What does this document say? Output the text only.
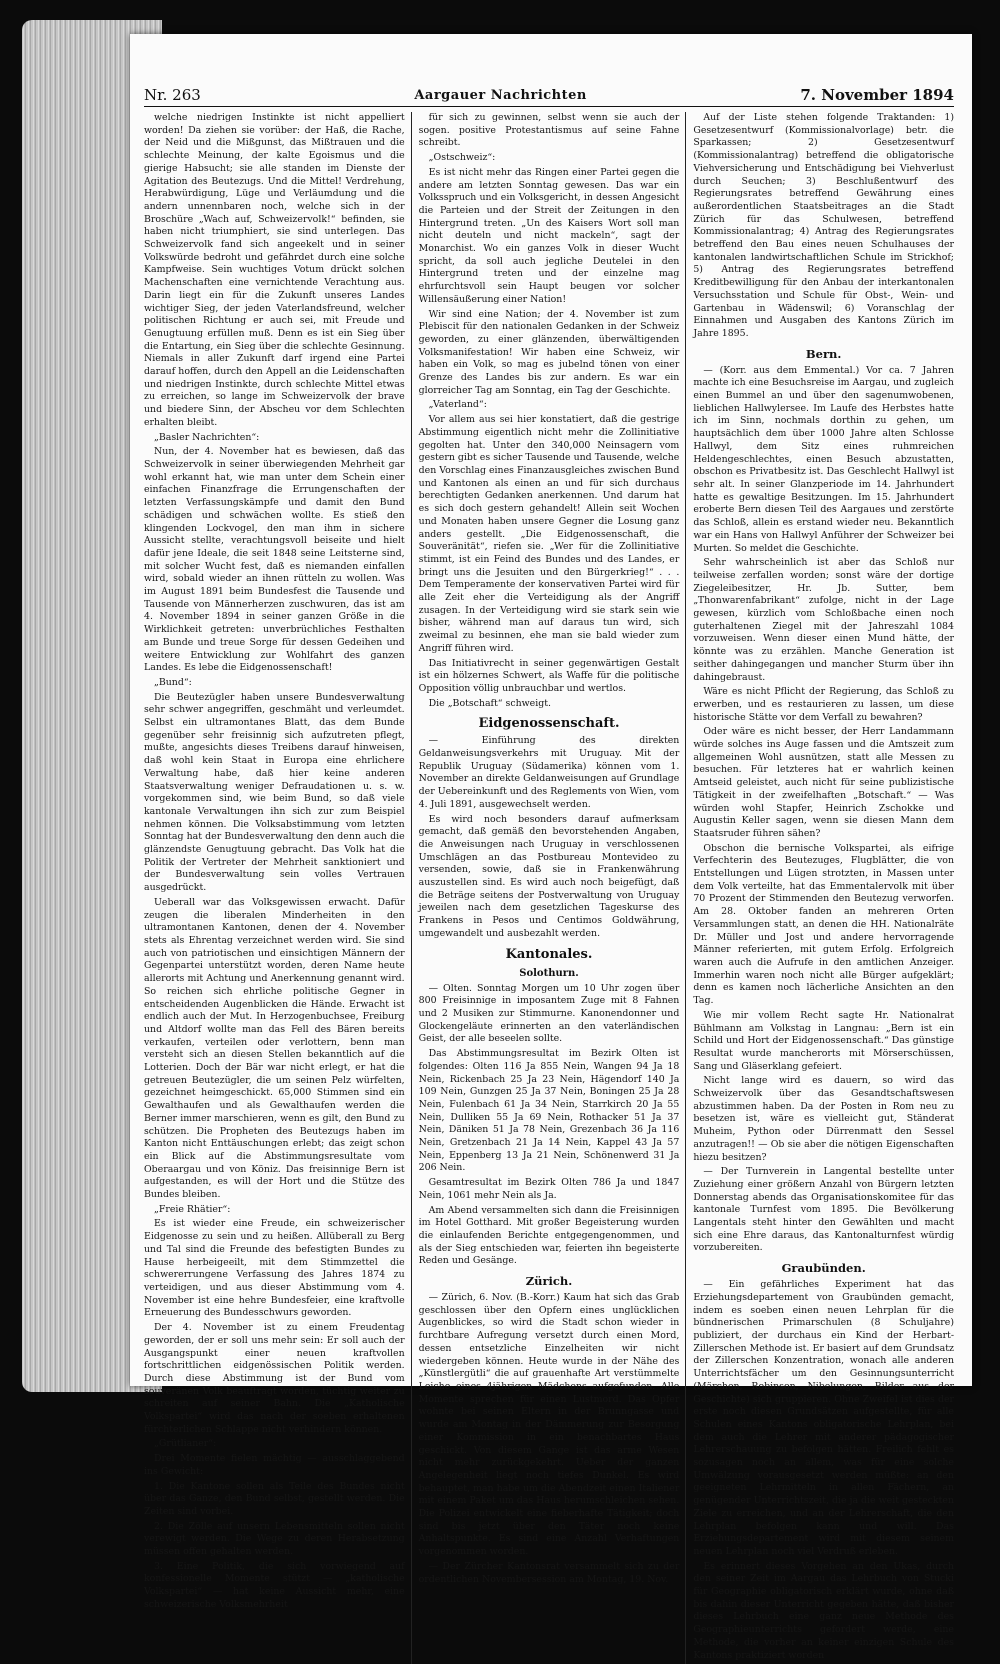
Nr. 263	Aargauer Nachrichten	7. November 1894

welche niedrigen Instinkte ist nicht appelliert worden! Da ziehen sie vorüber: der Haß, die Rache, der Neid und die Mißgunst, das Mißtrauen und die schlechte Meinung, der kalte Egoismus und die gierige Habsucht; sie alle standen im Dienste der Agitation des Beutezugs. Und die Mittel! Verdrehung, Herabwürdigung, Lüge und Verläumdung und die andern unnennbaren noch, welche sich in der Broschüre „Wach auf, Schweizervolk!“ befinden, sie haben nicht triumphiert, sie sind unterlegen. Das Schweizervolk fand sich angeekelt und in seiner Volkswürde bedroht und gefährdet durch eine solche Kampfweise. Sein wuchtiges Votum drückt solchen Machenschaften eine vernichtende Verachtung aus. Darin liegt ein für die Zukunft unseres Landes wichtiger Sieg, der jeden Vaterlandsfreund, welcher politischen Richtung er auch sei, mit Freude und Genugtuung erfüllen muß. Denn es ist ein Sieg über die Entartung, ein Sieg über die schlechte Gesinnung. Niemals in aller Zukunft darf irgend eine Partei darauf hoffen, durch den Appell an die Leidenschaften und niedrigen Instinkte, durch schlechte Mittel etwas zu erreichen, so lange im Schweizervolk der brave und biedere Sinn, der Abscheu vor dem Schlechten erhalten bleibt.

„Basler Nachrichten“:

Nun, der 4. November hat es bewiesen, daß das Schweizervolk in seiner überwiegenden Mehrheit gar wohl erkannt hat, wie man unter dem Schein einer einfachen Finanzfrage die Errungenschaften der letzten Verfassungskämpfe und damit den Bund schädigen und schwächen wollte. Es stieß den klingenden Lockvogel, den man ihm in sichere Aussicht stellte, verachtungsvoll beiseite und hielt dafür jene Ideale, die seit 1848 seine Leitsterne sind, mit solcher Wucht fest, daß es niemanden einfallen wird, sobald wieder an ihnen rütteln zu wollen. Was im August 1891 beim Bundesfest die Tausende und Tausende von Männerherzen zuschwuren, das ist am 4. November 1894 in seiner ganzen Größe in die Wirklichkeit getreten: unverbrüchliches Festhalten am Bunde und treue Sorge für dessen Gedeihen und weitere Entwicklung zur Wohlfahrt des ganzen Landes. Es lebe die Eidgenossenschaft!

„Bund“:

Die Beutezügler haben unsere Bundesverwaltung sehr schwer angegriffen, geschmäht und verleumdet. Selbst ein ultramontanes Blatt, das dem Bunde gegenüber sehr freisinnig sich aufzutreten pflegt, mußte, angesichts dieses Treibens darauf hinweisen, daß wohl kein Staat in Europa eine ehrlichere Verwaltung habe, daß hier keine anderen Staatsverwaltung weniger Defraudationen u. s. w. vorgekommen sind, wie beim Bund, so daß viele kantonale Verwaltungen ihn sich zur zum Beispiel nehmen können. Die Volksabstimmung vom letzten Sonntag hat der Bundesverwaltung den denn auch die glänzendste Genugtuung gebracht. Das Volk hat die Politik der Vertreter der Mehrheit sanktioniert und der Bundesverwaltung sein volles Vertrauen ausgedrückt.

Ueberall war das Volksgewissen erwacht. Dafür zeugen die liberalen Minderheiten in den ultramontanen Kantonen, denen der 4. November stets als Ehrentag verzeichnet werden wird. Sie sind auch von patriotischen und einsichtigen Männern der Gegenpartei unterstützt worden, deren Name heute allerorts mit Achtung und Anerkennung genannt wird. So reichen sich ehrliche politische Gegner in entscheidenden Augenblicken die Hände. Erwacht ist endlich auch der Mut. In Herzogenbuchsee, Freiburg und Altdorf wollte man das Fell des Bären bereits verkaufen, verteilen oder verlottern, benn man versteht sich an diesen Stellen bekanntlich auf die Lotterien. Doch der Bär war nicht erlegt, er hat die getreuen Beutezügler, die um seinen Pelz würfelten, gezeichnet heimgeschickt. 65,000 Stimmen sind ein Gewalthaufen und als Gewalthaufen werden die Berner immer marschieren, wenn es gilt, den Bund zu schützen. Die Propheten des Beutezugs haben im Kanton nicht Enttäuschungen erlebt; das zeigt schon ein Blick auf die Abstimmungsresultate vom Oberaargau und von Köniz. Das freisinnige Bern ist aufgestanden, es will der Hort und die Stütze des Bundes bleiben.

„Freie Rhätier“:

Es ist wieder eine Freude, ein schweizerischer Eidgenosse zu sein und zu heißen. Allüberall zu Berg und Tal sind die Freunde des befestigten Bundes zu Hause herbeigeeilt, mit dem Stimmzettel die schwererrungene Verfassung des Jahres 1874 zu verteidigen, und aus dieser Abstimmung vom 4. November ist eine hehre Bundesfeier, eine kraftvolle Erneuerung des Bundesschwurs geworden.

Der 4. November ist zu einem Freudentag geworden, der er soll uns mehr sein: Er soll auch der Ausgangspunkt einer neuen kraftvollen fortschrittlichen eidgenössischen Politik werden. Durch diese Abstimmung ist der Bund vom souveränen Volk beauftragt worden, tüchtig weiter zu schreiten auf seiner Bahn. Die „Katholische Volkspartei“ wird das nach der soeben erhaltenen fürchterlichen Schlappe nicht verhindern können.

„Grütlianer“:

Drei Momente fielen mächtig — ausschlaggebend ins Gewicht:

1. Die Kantone sollen als Teile des Bundes nicht über das Ganze, den Bund selbst, gestellt werden. Die Zeiten sind vorbei.

2. Die Zölle auf unsern Lebensmitteln sollen nicht verewigt werden. Die Wege zu deren Herabsetzung müssen offen gehalten werden.

3. Eine Politik, die sich vorwiegend auf konfessionelle Momente stützt — „katholische Volkspartei“ — hat keine Aussicht mehr, eine schweizerische Volksmehrheit

für sich zu gewinnen, selbst wenn sie auch der sogen. positive Protestantismus auf seine Fahne schreibt.

„Ostschweiz“:

Es ist nicht mehr das Ringen einer Partei gegen die andere am letzten Sonntag gewesen. Das war ein Volksspruch und ein Volksgericht, in dessen Angesicht die Parteien und der Streit der Zeitungen in den Hintergrund treten. „Un des Kaisers Wort soll man nicht deuteln und nicht mackeln“, sagt der Monarchist. Wo ein ganzes Volk in dieser Wucht spricht, da soll auch jegliche Deutelei in den Hintergrund treten und der einzelne mag ehrfurchtsvoll sein Haupt beugen vor solcher Willensäußerung einer Nation!

Wir sind eine Nation; der 4. November ist zum Plebiscit für den nationalen Gedanken in der Schweiz geworden, zu einer glänzenden, überwältigenden Volksmanifestation! Wir haben eine Schweiz, wir haben ein Volk, so mag es jubelnd tönen von einer Grenze des Landes bis zur andern. Es war ein glorreicher Tag am Sonntag, ein Tag der Geschichte.

„Vaterland“:

Vor allem aus sei hier konstatiert, daß die gestrige Abstimmung eigentlich nicht mehr die Zollinitiative gegolten hat. Unter den 340,000 Neinsagern vom gestern gibt es sicher Tausende und Tausende, welche den Vorschlag eines Finanzausgleiches zwischen Bund und Kantonen als einen an und für sich durchaus berechtigten Gedanken anerkennen. Und darum hat es sich doch gestern gehandelt! Allein seit Wochen und Monaten haben unsere Gegner die Losung ganz anders gestellt. „Die Eidgenossenschaft, die Souveränität“, riefen sie. „Wer für die Zollinitiative stimmt, ist ein Feind des Bundes und des Landes, er bringt uns die Jesuiten und den Bürgerkrieg!“ . . . Dem Temperamente der konservativen Partei wird für alle Zeit eher die Verteidigung als der Angriff zusagen. In der Verteidigung wird sie stark sein wie bisher, während man auf daraus tun wird, sich zweimal zu besinnen, ehe man sie bald wieder zum Angriff führen wird.

Das Initiativrecht in seiner gegenwärtigen Gestalt ist ein hölzernes Schwert, als Waffe für die politische Opposition völlig unbrauchbar und wertlos.

Die „Botschaft“ schweigt.

Eidgenossenschaft.

— Einführung des direkten Geldanweisungsverkehrs mit Uruguay. Mit der Republik Uruguay (Südamerika) können vom 1. November an direkte Geldanweisungen auf Grundlage der Uebereinkunft und des Reglements von Wien, vom 4. Juli 1891, ausgewechselt werden.

Es wird noch besonders darauf aufmerksam gemacht, daß gemäß den bevorstehenden Angaben, die Anweisungen nach Uruguay in verschlossenen Umschlägen an das Postbureau Montevideo zu versenden, sowie, daß sie in Frankenwährung auszustellen sind. Es wird auch noch beigefügt, daß die Beträge seitens der Postverwaltung von Uruguay jeweilen nach dem gesetzlichen Tageskurse des Frankens in Pesos und Centimos Goldwährung, umgewandelt und ausbezahlt werden.

Kantonales.
Solothurn.

— Olten. Sonntag Morgen um 10 Uhr zogen über 800 Freisinnige in imposantem Zuge mit 8 Fahnen und 2 Musiken zur Stimmurne. Kanonendonner und Glockengeläute erinnerten an den vaterländischen Geist, der alle beseelen sollte.

Das Abstimmungsresultat im Bezirk Olten ist folgendes: Olten 116 Ja 855 Nein, Wangen 94 Ja 18 Nein, Rickenbach 25 Ja 23 Nein, Hägendorf 140 Ja 109 Nein, Gunzgen 25 Ja 37 Nein, Boningen 25 Ja 28 Nein, Fulenbach 61 Ja 34 Nein, Starrkirch 20 Ja 55 Nein, Dulliken 55 Ja 69 Nein, Rothacker 51 Ja 37 Nein, Däniken 51 Ja 78 Nein, Grezenbach 36 Ja 116 Nein, Gretzenbach 21 Ja 14 Nein, Kappel 43 Ja 57 Nein, Eppenberg 13 Ja 21 Nein, Schönenwerd 31 Ja 206 Nein.

Gesamtresultat im Bezirk Olten 786 Ja und 1847 Nein, 1061 mehr Nein als Ja.

Am Abend versammelten sich dann die Freisinnigen im Hotel Gotthard. Mit großer Begeisterung wurden die einlaufenden Berichte entgegengenommen, und als der Sieg entschieden war, feierten ihn begeisterte Reden und Gesänge.

Zürich.

— Zürich, 6. Nov. (B.-Korr.) Kaum hat sich das Grab geschlossen über den Opfern eines unglücklichen Augenblickes, so wird die Stadt schon wieder in furchtbare Aufregung versetzt durch einen Mord, dessen entsetzliche Einzelheiten wir nicht wiedergeben können. Heute wurde in der Nähe des „Künstlergütli“ die auf grauenhafte Art verstümmelte Leiche eines 4jährigen Mädchens aufgefunden. Alle Momente sprechen für einen Lustmord. Das Opfer wohnte bei seinen Eltern in der Brunngasse und wurde am Montag in der Dämmerung zur Besorgung einer Kommission in ein benachbartes Haus geschickt. Von diesem Gange ist das arme Wesen nicht mehr zurückgekehrt. Ueber der ganzen Angelegenheit liegt noch tiefes Dunkel. Es wird behauptet, man habe um die Abendzeit einen Italiener mit einem Paket um das Haus herumschleichen sehen. Die Polizei entwickelt eine fieberhafte Tätigkeit; doch sind bis jetzt über den Täter noch keine Anhaltspunkte. Es sind eine Anzahl Verhaftungen vorgenommen worden.

— Der Zürcher Kantonsrat versammelt sich zu der ordentlichen Novembersession am Montag, 19. Nov.

Auf der Liste stehen folgende Traktanden: 1) Gesetzesentwurf (Kommissionalvorlage) betr. die Sparkassen; 2) Gesetzesentwurf (Kommissionalantrag) betreffend die obligatorische Viehversicherung und Entschädigung bei Viehverlust durch Seuchen; 3) Beschlußentwurf des Regierungsrates betreffend Gewährung eines außerordentlichen Staatsbeitrages an die Stadt Zürich für das Schulwesen, betreffend Kommissionalantrag; 4) Antrag des Regierungsrates betreffend den Bau eines neuen Schulhauses der kantonalen landwirtschaftlichen Schule im Strickhof; 5) Antrag des Regierungsrates betreffend Kreditbewilligung für den Anbau der interkantonalen Versuchsstation und Schule für Obst-, Wein- und Gartenbau in Wädenswil; 6) Voranschlag der Einnahmen und Ausgaben des Kantons Zürich im Jahre 1895.

Bern.

— (Korr. aus dem Emmental.) Vor ca. 7 Jahren machte ich eine Besuchsreise im Aargau, und zugleich einen Bummel an und über den sagenumwobenen, lieblichen Hallwylersee. Im Laufe des Herbstes hatte ich im Sinn, nochmals dorthin zu gehen, um hauptsächlich dem über 1000 Jahre alten Schlosse Hallwyl, dem Sitz eines ruhmreichen Heldengeschlechtes, einen Besuch abzustatten, obschon es Privatbesitz ist. Das Geschlecht Hallwyl ist sehr alt. In seiner Glanzperiode im 14. Jahrhundert hatte es gewaltige Besitzungen. Im 15. Jahrhundert eroberte Bern diesen Teil des Aargaues und zerstörte das Schloß, allein es erstand wieder neu. Bekanntlich war ein Hans von Hallwyl Anführer der Schweizer bei Murten. So meldet die Geschichte.

Sehr wahrscheinlich ist aber das Schloß nur teilweise zerfallen worden; sonst wäre der dortige Ziegeleibesitzer, Hr. Jb. Sutter, bem „Thonwarenfabrikant“ zufolge, nicht in der Lage gewesen, kürzlich vom Schloßbache einen noch guterhaltenen Ziegel mit der Jahreszahl 1084 vorzuweisen. Wenn dieser einen Mund hätte, der könnte was zu erzählen. Manche Generation ist seither dahingegangen und mancher Sturm über ihn dahingebraust.

Wäre es nicht Pflicht der Regierung, das Schloß zu erwerben, und es restaurieren zu lassen, um diese historische Stätte vor dem Verfall zu bewahren?

Oder wäre es nicht besser, der Herr Landammann würde solches ins Auge fassen und die Amtszeit zum allgemeinen Wohl ausnützen, statt alle Messen zu besuchen. Für letzteres hat er wahrlich keinen Amtseid geleistet, auch nicht für seine publizistische Tätigkeit in der zweifelhaften „Botschaft.“ — Was würden wohl Stapfer, Heinrich Zschokke und Augustin Keller sagen, wenn sie diesen Mann dem Staatsruder führen sähen?

Obschon die bernische Volkspartei, als eifrige Verfechterin des Beutezuges, Flugblätter, die von Entstellungen und Lügen strotzten, in Massen unter dem Volk verteilte, hat das Emmentalervolk mit über 70 Prozent der Stimmenden den Beutezug verworfen. Am 28. Oktober fanden an mehreren Orten Versammlungen statt, an denen die HH. Nationalräte Dr. Müller und Jost und andere hervorragende Männer referierten, mit gutem Erfolg. Erfolgreich waren auch die Aufrufe in den amtlichen Anzeiger. Immerhin waren noch nicht alle Bürger aufgeklärt; denn es kamen noch lächerliche Ansichten an den Tag.

Wie mir vollem Recht sagte Hr. Nationalrat Bühlmann am Volkstag in Langnau: „Bern ist ein Schild und Hort der Eidgenossenschaft.“ Das günstige Resultat wurde mancherorts mit Mörserschüssen, Sang und Gläserklang gefeiert.

Nicht lange wird es dauern, so wird das Schweizervolk über das Gesandtschaftswesen abzustimmen haben. Da der Posten in Rom neu zu besetzen ist, wäre es vielleicht gut, Ständerat Muheim, Python oder Dürrenmatt den Sessel anzutragen!! — Ob sie aber die nötigen Eigenschaften hiezu besitzen?

— Der Turnverein in Langental bestellte unter Zuziehung einer größern Anzahl von Bürgern letzten Donnerstag abends das Organisationskomitee für das kantonale Turnfest vom 1895. Die Bevölkerung Langentals steht hinter den Gewählten und macht sich eine Ehre daraus, das Kantonalturnfest würdig vorzubereiten.

Graubünden.

— Ein gefährliches Experiment hat das Erziehungsdepartement von Graubünden gemacht, indem es soeben einen neuen Lehrplan für die bündnerischen Primarschulen (8 Schuljahre) publiziert, der durchaus ein Kind der Herbart-Zillerschen Methode ist. Er basiert auf dem Grundsatz der Zillerschen Konzentration, wonach alle anderen Unterrichtsfächer um den Gesinnungsunterricht (Märchen, Robinson, Nibelungen, Bilder aus der Geschichte) sich gruppieren. Ohne Zweifel ist dies der erste noch diesen Grundsätzen aufgestellte, für alle Schulen eines Kantons obligatorische Lehrplan, bei dem auch die Lehrer mit anderer pädagogischer Lehrerschauung zu befolgen hätten. Freilich fehlt es sozusagen noch an allem, was für eine solche Umwälzung vorausgesetzt werden müßte: an den geeigneten Lehrmitteln in allen Fächern, an genügender Unterrichtszeit, die ja die weit gesteckten Ziele zu erreichen, und an der Lehrerschaft, die den Lehrplan befolgen kann und will. Das Erziehungsdepartement wird mit diesem seinem neuen Lehrplan noch viel Verdruß erleben.

Es erinnert dieses Vorgehen an den Ukas, durch den seiner Zeit im Aargau das Lehrbuch von Stucki für Geographie obligatorisch erklärt wurde, ohne daß bis dahin dieser Unterricht gegeben hätte, daß bisher dieses Lehrbuch eine ganz neue Methode des Geographieunterrichts gefordert werde, eine Methode, die vorher an keiner einzigen Schule des Kantons praktiziert worden
